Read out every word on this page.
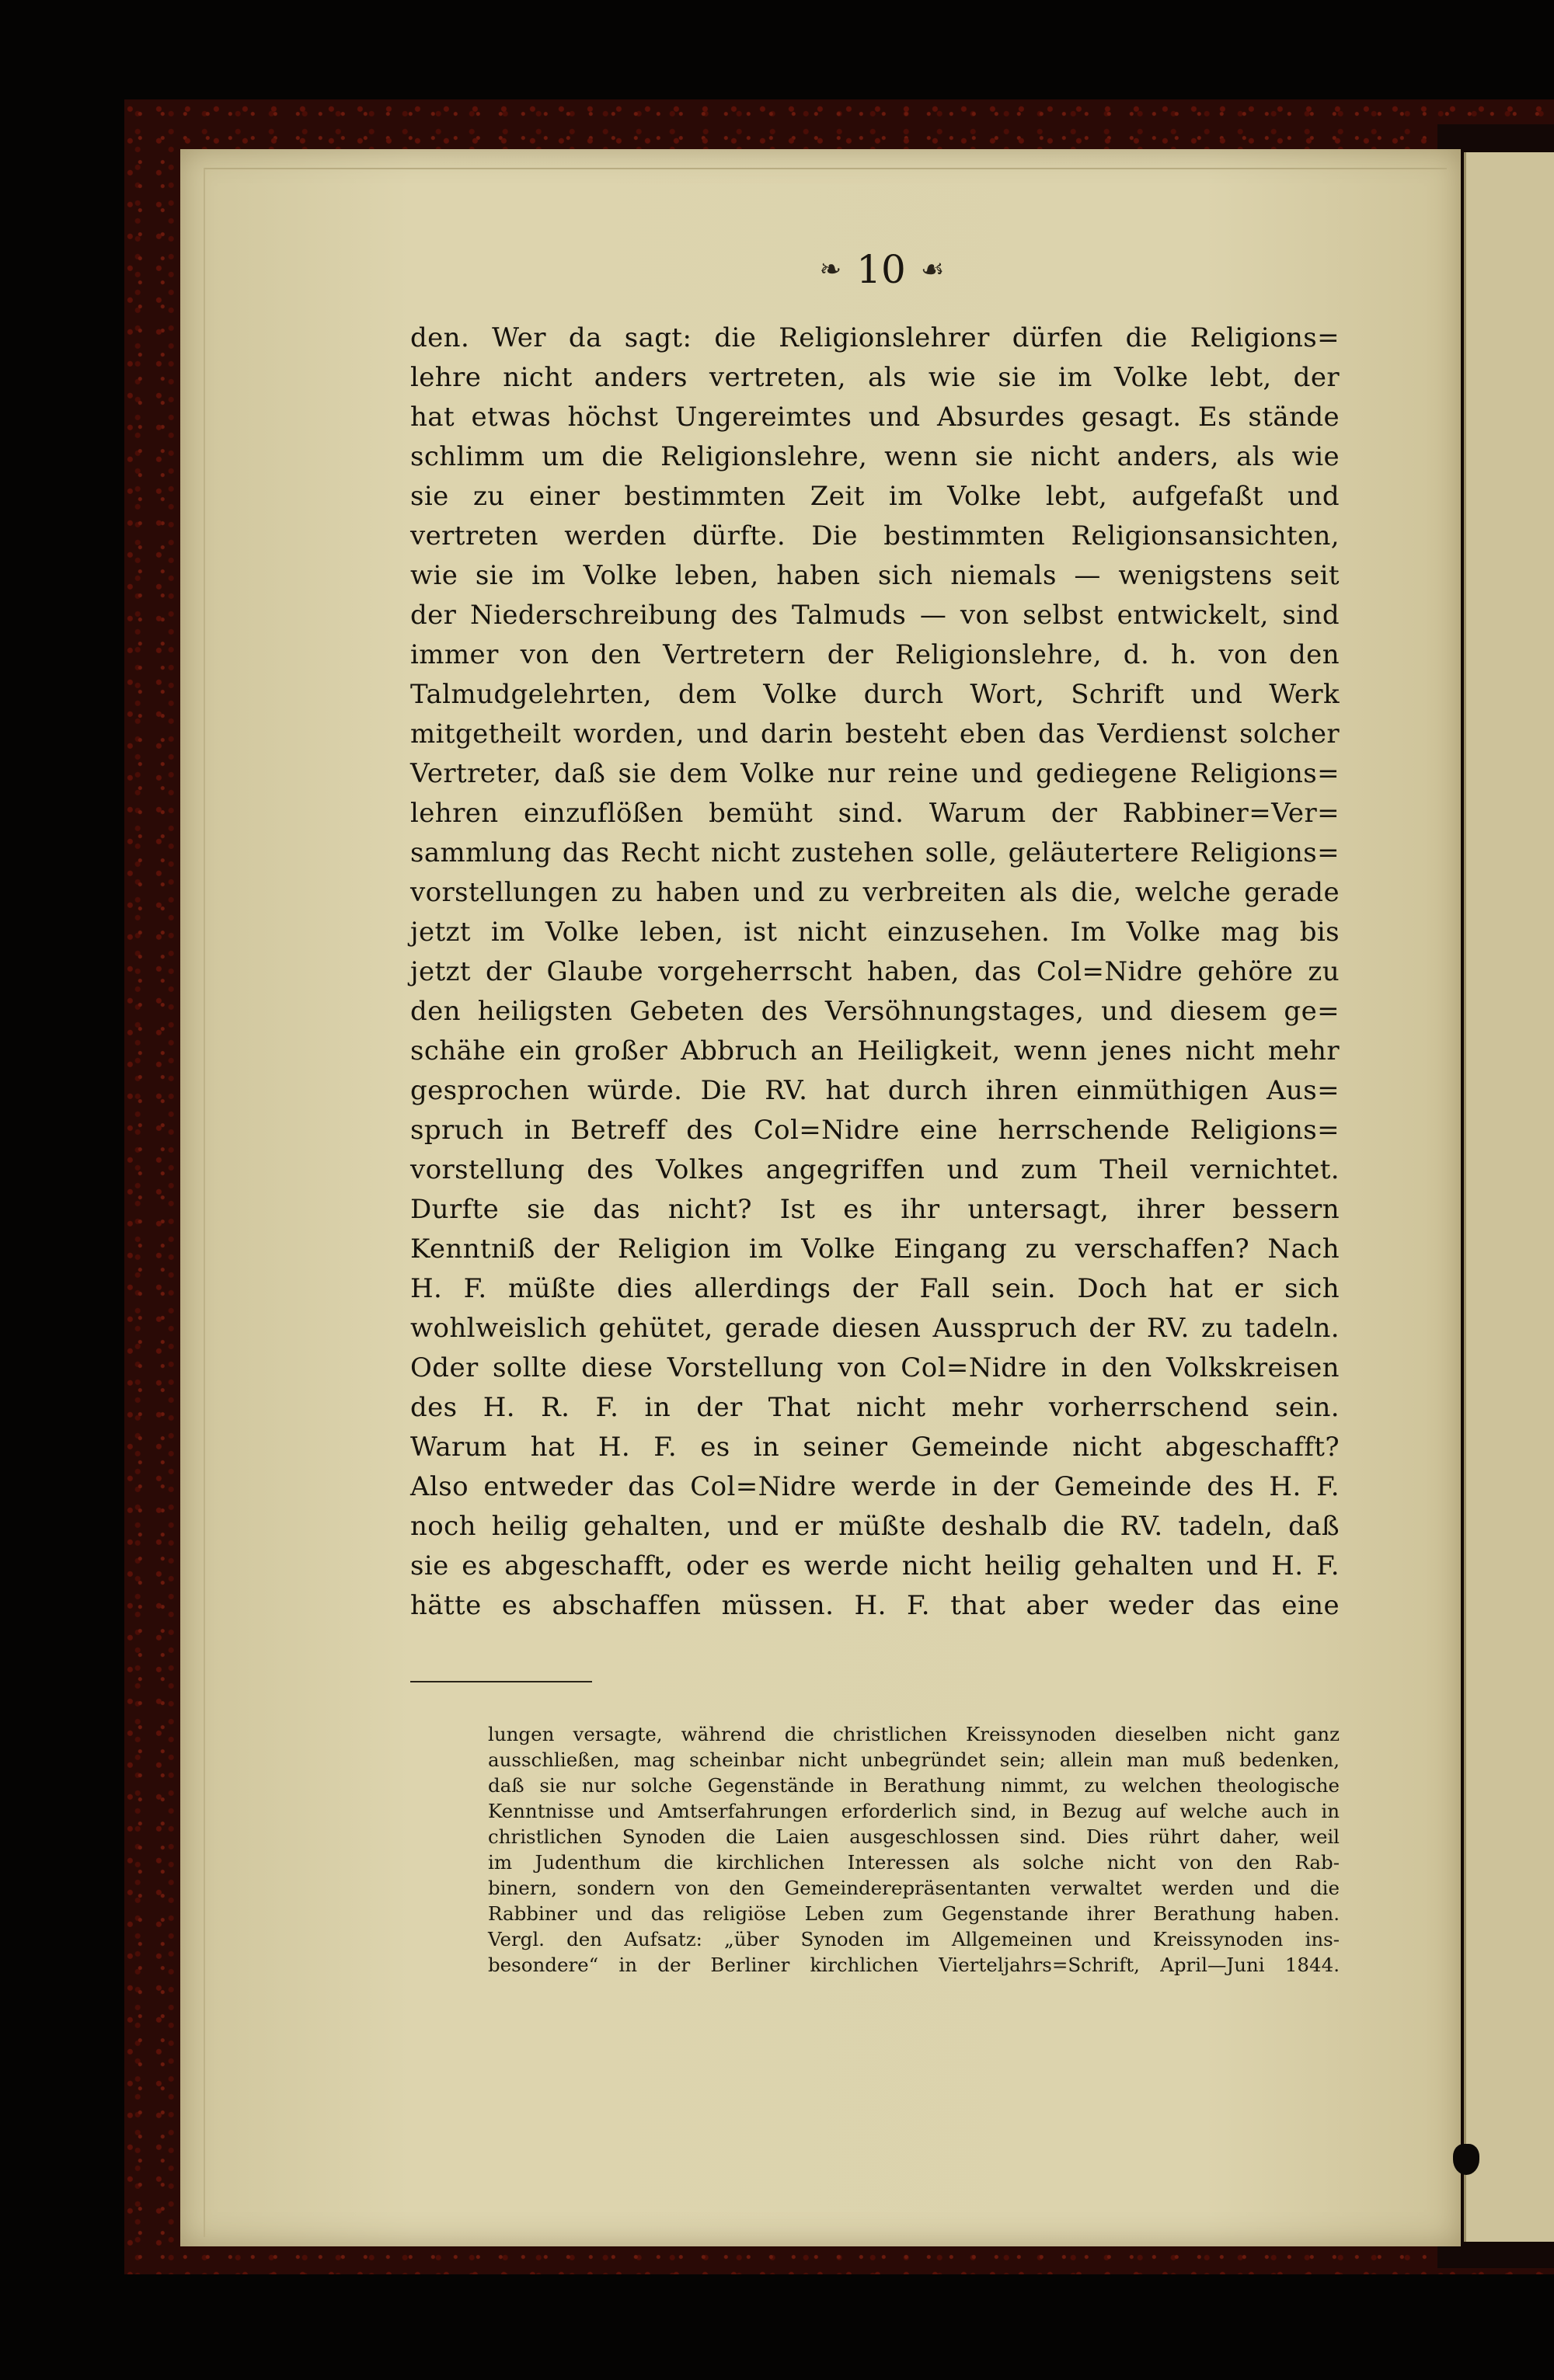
❧ 10 ☙
den. Wer da sagt: die Religionslehrer dürfen die Religions=
lehre nicht anders vertreten, als wie sie im Volke lebt, der
hat etwas höchst Ungereimtes und Absurdes gesagt. Es stände
schlimm um die Religionslehre, wenn sie nicht anders, als wie
sie zu einer bestimmten Zeit im Volke lebt, aufgefaßt und
vertreten werden dürfte. Die bestimmten Religionsansichten,
wie sie im Volke leben, haben sich niemals — wenigstens seit
der Niederschreibung des Talmuds — von selbst entwickelt, sind
immer von den Vertretern der Religionslehre, d. h. von den
Talmudgelehrten, dem Volke durch Wort, Schrift und Werk
mitgetheilt worden, und darin besteht eben das Verdienst solcher
Vertreter, daß sie dem Volke nur reine und gediegene Religions=
lehren einzuflößen bemüht sind. Warum der Rabbiner=Ver=
sammlung das Recht nicht zustehen solle, geläutertere Religions=
vorstellungen zu haben und zu verbreiten als die, welche gerade
jetzt im Volke leben, ist nicht einzusehen. Im Volke mag bis
jetzt der Glaube vorgeherrscht haben, das Col=Nidre gehöre zu
den heiligsten Gebeten des Versöhnungstages, und diesem ge=
schähe ein großer Abbruch an Heiligkeit, wenn jenes nicht mehr
gesprochen würde. Die RV. hat durch ihren einmüthigen Aus=
spruch in Betreff des Col=Nidre eine herrschende Religions=
vorstellung des Volkes angegriffen und zum Theil vernichtet.
Durfte sie das nicht? Ist es ihr untersagt, ihrer bessern
Kenntniß der Religion im Volke Eingang zu verschaffen? Nach
H. F. müßte dies allerdings der Fall sein. Doch hat er sich
wohlweislich gehütet, gerade diesen Ausspruch der RV. zu tadeln.
Oder sollte diese Vorstellung von Col=Nidre in den Volkskreisen
des H. R. F. in der That nicht mehr vorherrschend sein.
Warum hat H. F. es in seiner Gemeinde nicht abgeschafft?
Also entweder das Col=Nidre werde in der Gemeinde des H. F.
noch heilig gehalten, und er müßte deshalb die RV. tadeln, daß
sie es abgeschafft, oder es werde nicht heilig gehalten und H. F.
hätte es abschaffen müssen. H. F. that aber weder das eine
lungen versagte, während die christlichen Kreissynoden dieselben nicht ganz
ausschließen, mag scheinbar nicht unbegründet sein; allein man muß bedenken,
daß sie nur solche Gegenstände in Berathung nimmt, zu welchen theologische
Kenntnisse und Amtserfahrungen erforderlich sind, in Bezug auf welche auch in
christlichen Synoden die Laien ausgeschlossen sind. Dies rührt daher, weil
im Judenthum die kirchlichen Interessen als solche nicht von den Rab-
binern, sondern von den Gemeinderepräsentanten verwaltet werden und die
Rabbiner und das religiöse Leben zum Gegenstande ihrer Berathung haben.
Vergl. den Aufsatz: „über Synoden im Allgemeinen und Kreissynoden ins-
besondere“ in der Berliner kirchlichen Vierteljahrs=Schrift, April—Juni 1844.
